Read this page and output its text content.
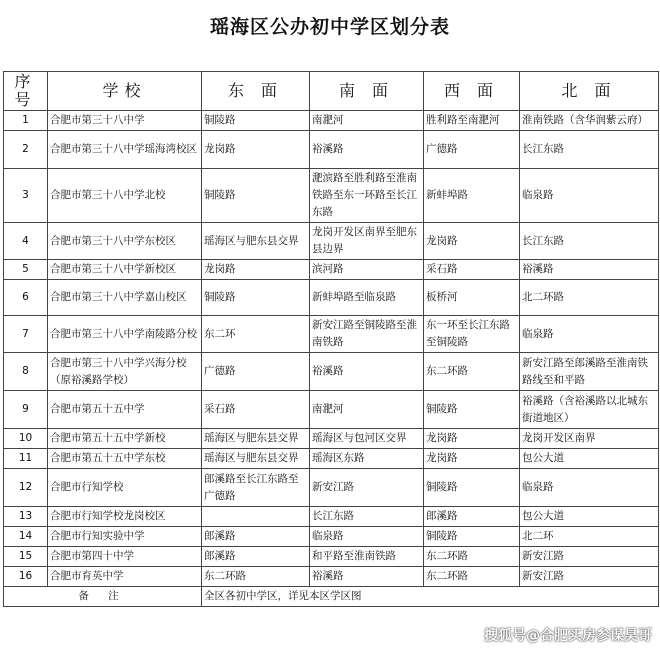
瑶海区公办初中学区划分表
序号	学校	东 面	南 面	西 面	北 面
1	合肥市第三十八中学	铜陵路	南淝河	胜利路至南淝河	淮南铁路（含华润紫云府）
2	合肥市第三十八中学瑶海湾校区	龙岗路	裕溪路	广德路	长江东路
3	合肥市第三十八中学北校	铜陵路	淝滨路至胜利路至淮南铁路至东一环路至长江东路	新蚌埠路	临泉路
4	合肥市第三十八中学东校区	瑶海区与肥东县交界	龙岗开发区南界至肥东县边界	龙岗路	长江东路
5	合肥市第三十八中学新校区	龙岗路	滨河路	采石路	裕溪路
6	合肥市第三十八中学嘉山校区	铜陵路	新蚌埠路至临泉路	板桥河	北二环路
7	合肥市第三十八中学南陵路分校	东二环	新安江路至铜陵路至淮南铁路	东一环至长江东路至铜陵路	临泉路
8	合肥市第三十八中学兴海分校（原裕溪路学校）	广德路	裕溪路	东二环路	新安江路至郎溪路至淮南铁路线至和平路
9	合肥市第五十五中学	采石路	南淝河	铜陵路	裕溪路（含裕溪路以北城东街道地区）
10	合肥市第五十五中学新校	瑶海区与肥东县交界	瑶海区与包河区交界	龙岗路	龙岗开发区南界
11	合肥市第五十五中学东校	瑶海区与肥东县交界	瑶海区东路	龙岗路	包公大道
12	合肥市行知学校	郎溪路至长江东路至广德路	新安江路	铜陵路	临泉路
13	合肥市行知学校龙岗校区		长江东路	郎溪路	包公大道
14	合肥市行知实验中学	郎溪路	临泉路	铜陵路	北二环
15	合肥市第四十中学	郎溪路	和平路至淮南铁路	东二环路	新安江路
16	合肥市育英中学	东二环路	裕溪路	东二环路	新安江路
备 注		全区各初中学区，详见本区学区图			
搜狐号@合肥买房参谋昊哥
